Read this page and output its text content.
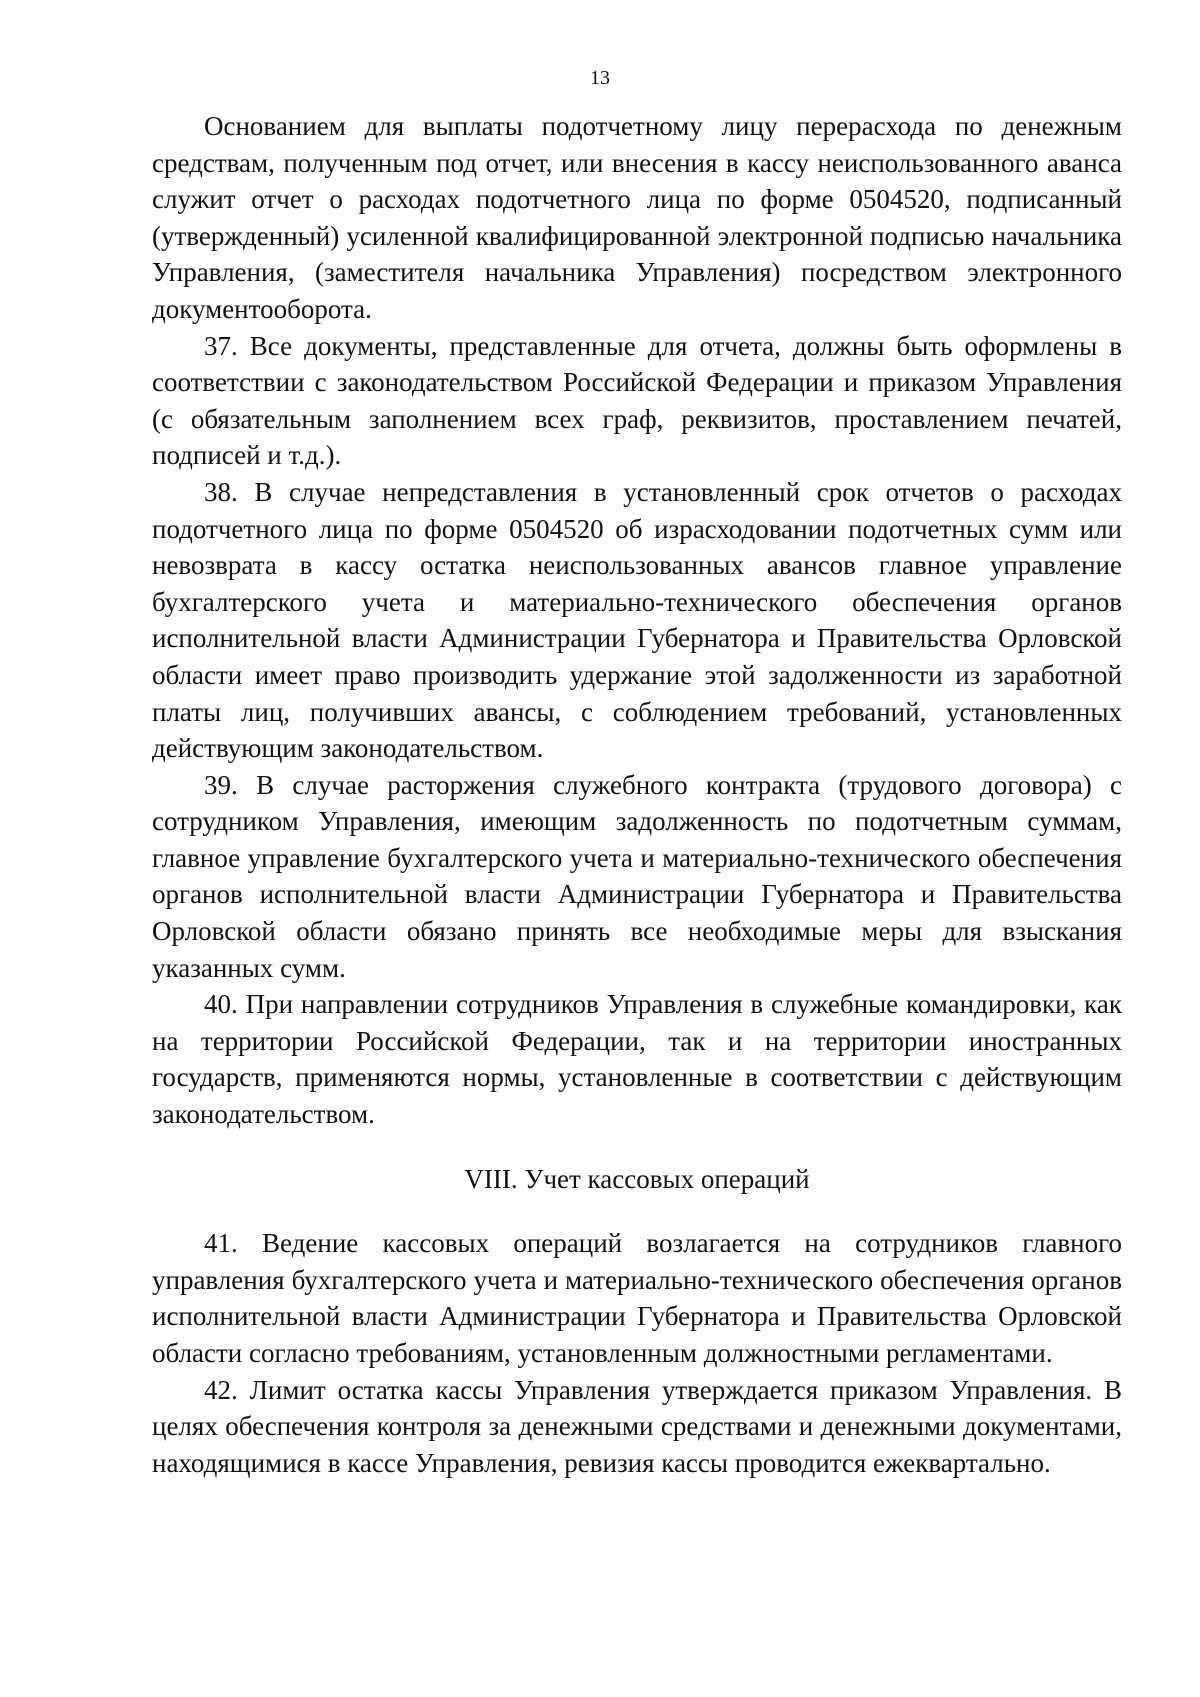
13

Основанием для выплаты подотчетному лицу перерасхода по денежным средствам, полученным под отчет, или внесения в кассу неиспользованного аванса служит отчет о расходах подотчетного лица по форме 0504520, подписанный (утвержденный) усиленной квалифицированной электронной подписью начальника Управления, (заместителя начальника Управления) посредством электронного документооборота.

37. Все документы, представленные для отчета, должны быть оформлены в соответствии с законодательством Российской Федерации и приказом Управления (с обязательным заполнением всех граф, реквизитов, проставлением печатей, подписей и т.д.).

38. В случае непредставления в установленный срок отчетов о расходах подотчетного лица по форме 0504520 об израсходовании подотчетных сумм или невозврата в кассу остатка неиспользованных авансов главное управление бухгалтерского учета и материально-технического обеспечения органов исполнительной власти Администрации Губернатора и Правительства Орловской области имеет право производить удержание этой задолженности из заработной платы лиц, получивших авансы, с соблюдением требований, установленных действующим законодательством.

39. В случае расторжения служебного контракта (трудового договора) с сотрудником Управления, имеющим задолженность по подотчетным суммам, главное управление бухгалтерского учета и материально-технического обеспечения органов исполнительной власти Администрации Губернатора и Правительства Орловской области обязано принять все необходимые меры для взыскания указанных сумм.

40. При направлении сотрудников Управления в служебные командировки, как на территории Российской Федерации, так и на территории иностранных государств, применяются нормы, установленные в соответствии с действующим законодательством.

VIII. Учет кассовых операций

41. Ведение кассовых операций возлагается на сотрудников главного управления бухгалтерского учета и материально-технического обеспечения органов исполнительной власти Администрации Губернатора и Правительства Орловской области согласно требованиям, установленным должностными регламентами.

42. Лимит остатка кассы Управления утверждается приказом Управления. В целях обеспечения контроля за денежными средствами и денежными документами, находящимися в кассе Управления, ревизия кассы проводится ежеквартально.
